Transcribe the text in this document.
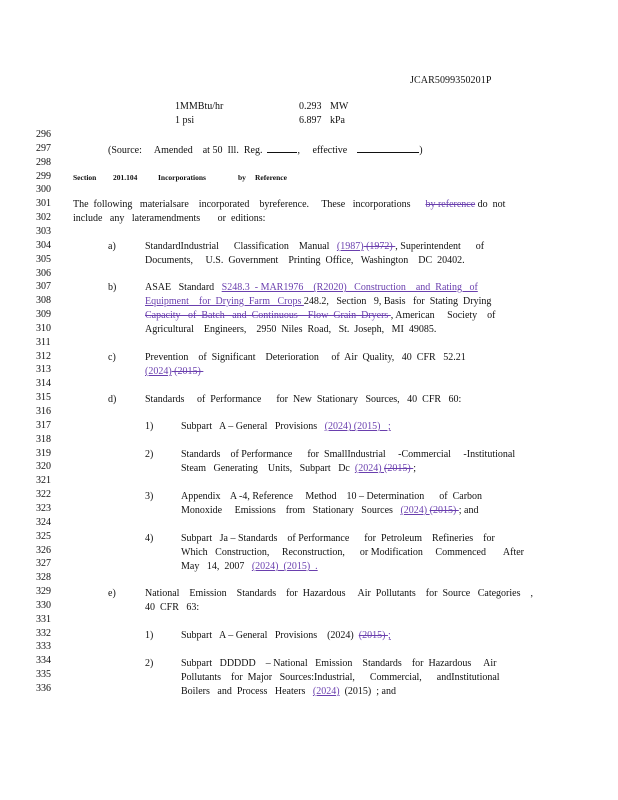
JCAR5099350201P
1MMBtu/hr	0.293 MW
1 psi	6.897 kPa
296
297
298
299
300
301
302
303
304
305
306
307
308
309
310
311
312
313
314
315
316
317
318
319
320
321
322
323
324
325
326
327
328
329
330
331
332
333
334
335
336
(Source: Amended at 50  Ill.  Reg.	, effective	)
Section 201.104	Incorporations	by Reference
The  following   materialsare    incorporated    byreference.     These   incorporations by reference do  not
include   any   lateramendments       or  editions:
a)	StandardIndustrial      Classification    Manual   (1987) (1972) , Superintendent      of
Documents,     U.S.  Government    Printing  Office,   Washington    DC  20402.
b)	ASAE   Standard   S248.3  - MAR1976    (R2020)   Construction    and  Rating   of
Equipment    for  Drying  Farm   Crops 248.2,   Section   9, Basis   for  Stating  Drying
Capacity   of  Batch   and  Continuous    Flow  Grain  Dryers , American     Society    of
Agricultural    Engineers,    2950  Niles  Road,   St.  Joseph,   MI  49085.
c)	Prevention    of  Significant    Deterioration     of  Air  Quality,   40  CFR   52.21
(2024) (2015)
d)	Standards     of  Performance      for  New  Stationary   Sources,   40  CFR   60:
1)	Subpart   A – General   Provisions   (2024) (2015)   ;
2)	Standards    of Performance      for  SmallIndustrial     -Commercial     -Institutional
Steam   Generating    Units,   Subpart   Dc  (2024) (2015) ;
3)	Appendix    A -4, Reference     Method    10 – Determination      of  Carbon
Monoxide     Emissions    from   Stationary   Sources   (2024) (2015) ; and
4)	Subpart   Ja – Standards    of Performance      for  Petroleum    Refineries    for
Which   Construction,     Reconstruction,      or Modification     Commenced       After
May   14,  2007   (2024)  (2015)  .
e)	National    Emission    Standards    for  Hazardous     Air  Pollutants    for  Source   Categories    ,
40  CFR   63:
1)	Subpart   A – General   Provisions    (2024)  (2015) ;
2)	Subpart   DDDDD    – National   Emission    Standards    for  Hazardous     Air
Pollutants    for  Major   Sources:Industrial,      Commercial,      andInstitutional
Boilers   and  Process   Heaters   (2024)  (2015)  ; and
